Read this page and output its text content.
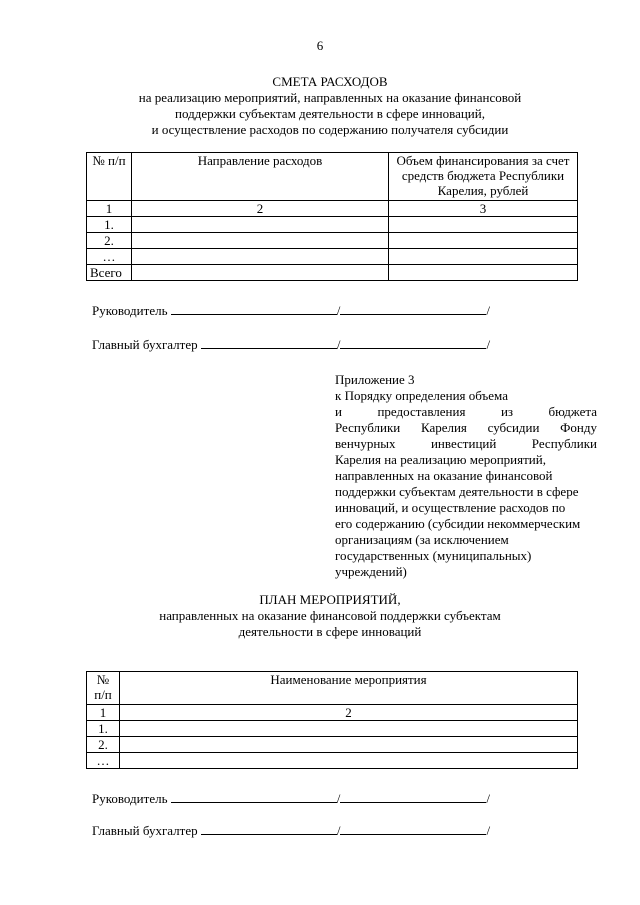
6
СМЕТА РАСХОДОВ
на реализацию мероприятий, направленных на оказание финансовой
поддержки субъектам деятельности в сфере инноваций,
и осуществление расходов по содержанию получателя субсидии
№ п/п	Направление расходов	Объем финансирования за счет средств бюджета Республики Карелия, рублей
1	2	3
1.		
2.		
…		
Всего		
Руководитель	/	/
Главный бухгалтер	/	/
Приложение 3
к Порядку определения объема
и предоставления из бюджета
Республики Карелия субсидии Фонду
венчурных инвестиций Республики
Карелия на реализацию мероприятий,
направленных на оказание финансовой
поддержки субъектам деятельности в сфере
инноваций, и осуществление расходов по
его содержанию (субсидии некоммерческим
организациям (за исключением
государственных (муниципальных)
учреждений)
ПЛАН МЕРОПРИЯТИЙ,
направленных на оказание финансовой поддержки субъектам
деятельности в сфере инноваций
№ п/п	Наименование мероприятия
1	2
1.	
2.	
…	
Руководитель	/	/
Главный бухгалтер	/	/
